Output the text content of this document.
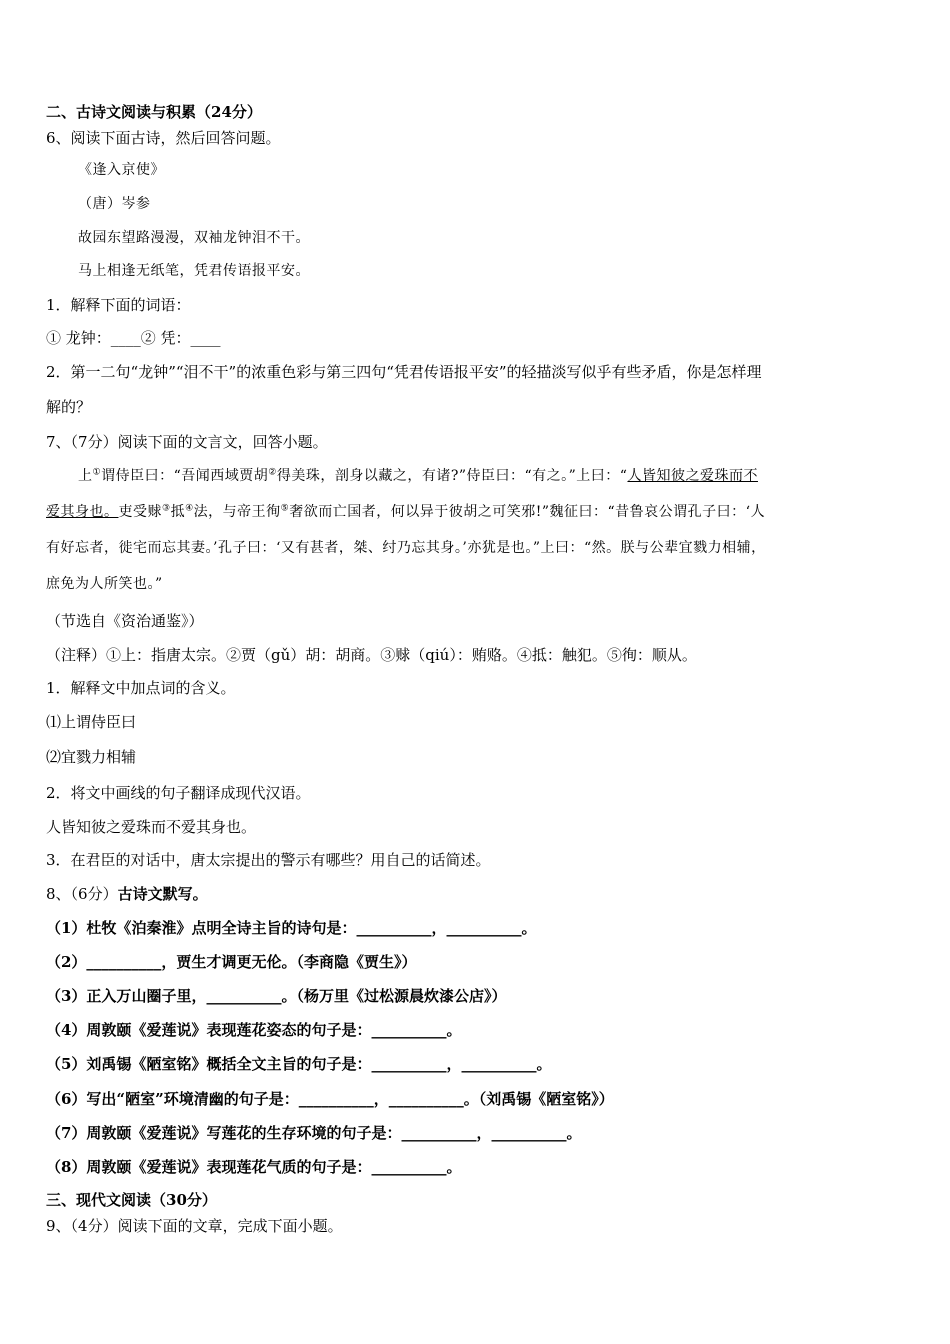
二、古诗文阅读与积累（24分）
6、阅读下面古诗，然后回答问题。
《逢入京使》
（唐）岑参
故园东望路漫漫，双袖龙钟泪不干。
马上相逢无纸笔，凭君传语报平安。
1．解释下面的词语：
① 龙钟：____② 凭：____
2．第一二句“龙钟”“泪不干”的浓重色彩与第三四句“凭君传语报平安”的轻描淡写似乎有些矛盾，你是怎样理
解的？
7、（7分）阅读下面的文言文，回答小题。
上①谓侍臣曰：“吾闻西域贾胡②得美珠，剖身以藏之，有诸?”侍臣曰：“有之。”上曰：“人皆知彼之爱珠而不
爱其身也。吏受赇③抵④法，与帝王徇⑤奢欲而亡国者，何以异于彼胡之可笑邪!”魏征曰：“昔鲁哀公谓孔子曰：‘人
有好忘者，徙宅而忘其妻。’孔子曰：‘又有甚者，桀、纣乃忘其身。’亦犹是也。”上曰：“然。朕与公辈宜戮力相辅，
庶免为人所笑也。”
（节选自《资治通鉴》）
（注释）①上：指唐太宗。②贾（gǔ）胡：胡商。③赇（qiú）：贿赂。④抵：触犯。⑤徇：顺从。
1．解释文中加点词的含义。
⑴上谓侍臣曰
⑵宜戮力相辅
2．将文中画线的句子翻译成现代汉语。
人皆知彼之爱珠而不爱其身也。
3．在君臣的对话中，唐太宗提出的警示有哪些？用自己的话简述。
8、（6分）古诗文默写。
（1）杜牧《泊秦淮》点明全诗主旨的诗句是：__________，__________。
（2）__________，贾生才调更无伦。（李商隐《贾生》）
（3）正入万山圈子里，__________。（杨万里《过松源晨炊漆公店》）
（4）周敦颐《爱莲说》表现莲花姿态的句子是：__________。
（5）刘禹锡《陋室铭》概括全文主旨的句子是：__________，__________。
（6）写出“陋室”环境清幽的句子是：__________，__________。（刘禹锡《陋室铭》）
（7）周敦颐《爱莲说》写莲花的生存环境的句子是：__________，__________。
（8）周敦颐《爱莲说》表现莲花气质的句子是：__________。
三、现代文阅读（30分）
9、（4分）阅读下面的文章，完成下面小题。
